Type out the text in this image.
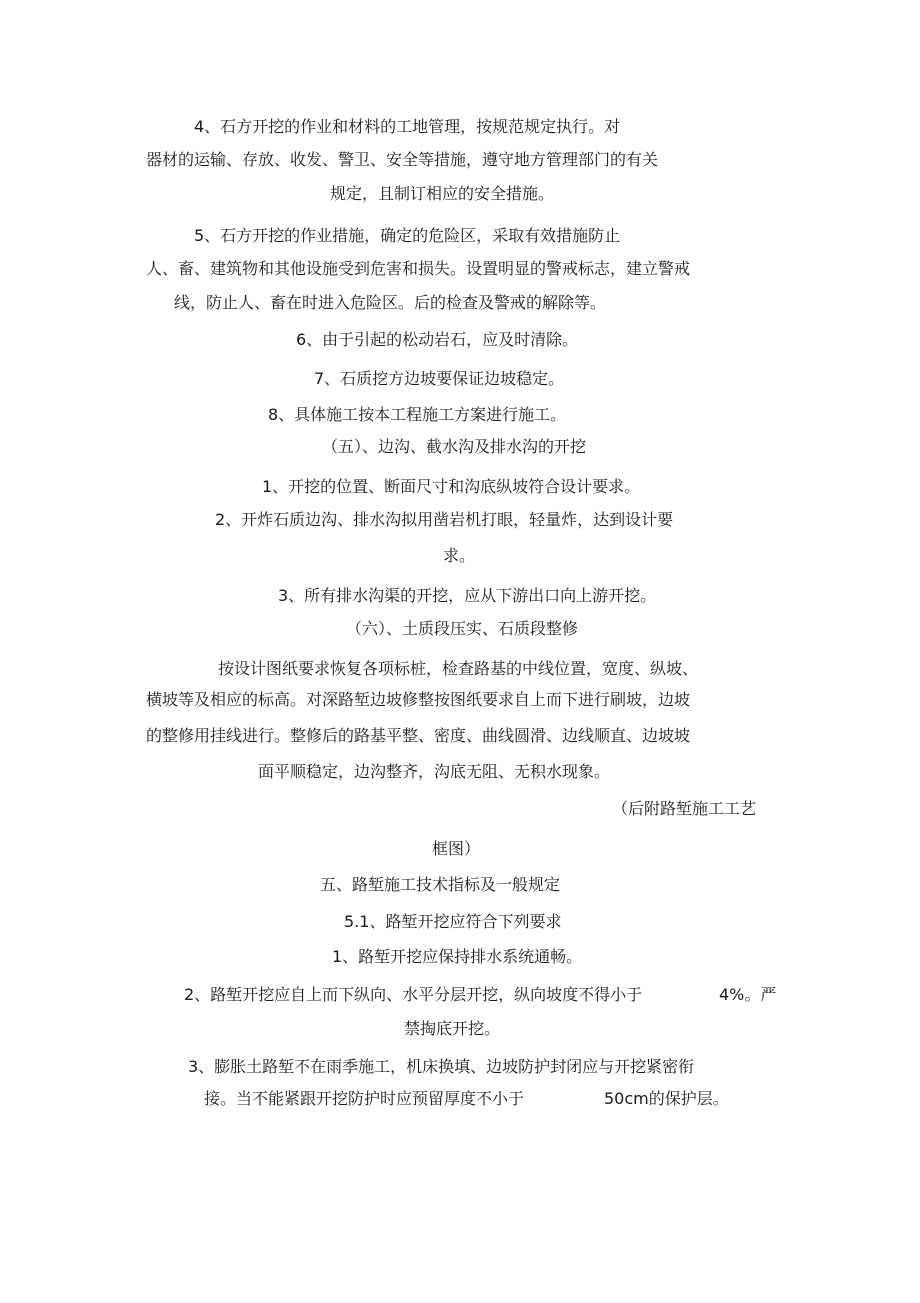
4、石方开挖的作业和材料的工地管理，按规范规定执行。对
器材的运输、存放、收发、警卫、安全等措施，遵守地方管理部门的有关
规定，且制订相应的安全措施。
5、石方开挖的作业措施，确定的危险区，采取有效措施防止
人、畜、建筑物和其他设施受到危害和损失。设置明显的警戒标志，建立警戒
线，防止人、畜在时进入危险区。后的检查及警戒的解除等。
6、由于引起的松动岩石，应及时清除。
7、石质挖方边坡要保证边坡稳定。
8、具体施工按本工程施工方案进行施工。
（五）、边沟、截水沟及排水沟的开挖
1、开挖的位置、断面尺寸和沟底纵坡符合设计要求。
2、开炸石质边沟、排水沟拟用凿岩机打眼，轻量炸，达到设计要
求。
3、所有排水沟渠的开挖，应从下游出口向上游开挖。
（六）、土质段压实、石质段整修
按设计图纸要求恢复各项标桩，检查路基的中线位置，宽度、纵坡、
横坡等及相应的标高。对深路堑边坡修整按图纸要求自上而下进行刷坡，边坡
的整修用挂线进行。整修后的路基平整、密度、曲线圆滑、边线顺直、边坡坡
面平顺稳定，边沟整齐，沟底无阻、无积水现象。
（后附路堑施工工艺
框图）
五、路堑施工技术指标及一般规定
5.1、路堑开挖应符合下列要求
1、路堑开挖应保持排水系统通畅。
2、路堑开挖应自上而下纵向、水平分层开挖，纵向坡度不得小于	4%。严
禁掏底开挖。
3、膨胀土路堑不在雨季施工，机床换填、边坡防护封闭应与开挖紧密衔
接。当不能紧跟开挖防护时应预留厚度不小于	50cm的保护层。
